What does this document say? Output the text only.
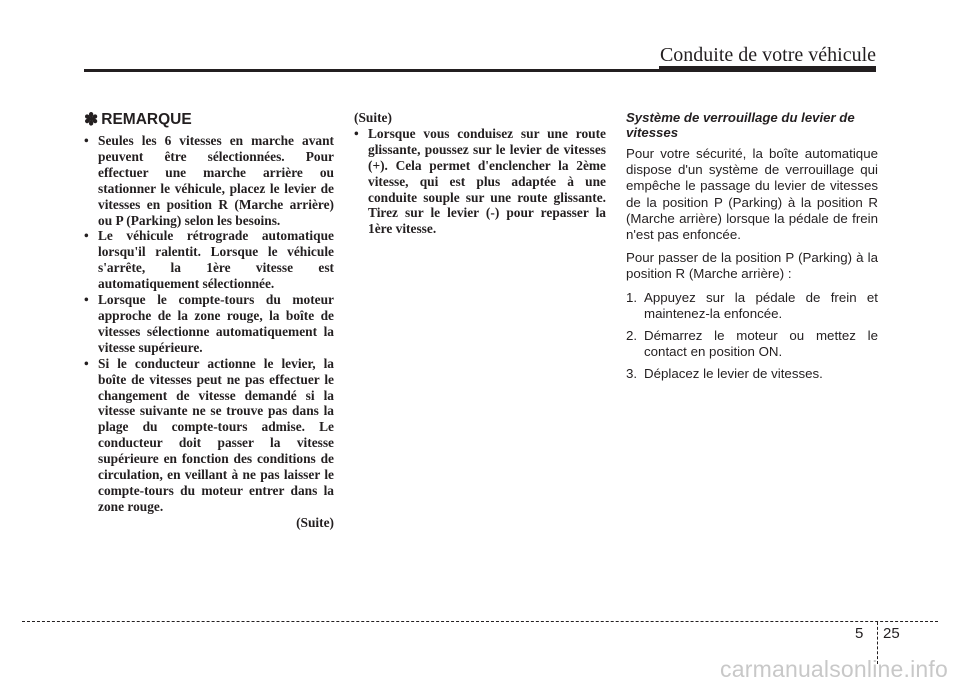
Conduite de votre véhicule
✽ REMARQUE
• Seules les 6 vitesses en marche avant peuvent être sélectionnées. Pour effectuer une marche arrière ou stationner le véhicule, placez le levier de vitesses en position R (Marche arrière) ou P (Parking) selon les besoins.
• Le véhicule rétrograde automatique lorsqu'il ralentit. Lorsque le véhicule s'arrête, la 1ère vitesse est automatiquement sélectionnée.
• Lorsque le compte-tours du moteur approche de la zone rouge, la boîte de vitesses sélectionne automatiquement la vitesse supérieure.
• Si le conducteur actionne le levier, la boîte de vitesses peut ne pas effectuer le changement de vitesse demandé si la vitesse suivante ne se trouve pas dans la plage du compte-tours admise. Le conducteur doit passer la vitesse supérieure en fonction des conditions de circulation, en veillant à ne pas laisser le compte-tours du moteur entrer dans la zone rouge.
(Suite)
(Suite)
• Lorsque vous conduisez sur une route glissante, poussez sur le levier de vitesses (+). Cela permet d'enclencher la 2ème vitesse, qui est plus adaptée à une conduite souple sur une route glissante. Tirez sur le levier (-) pour repasser la 1ère vitesse.
Système de verrouillage du levier de vitesses

Pour votre sécurité, la boîte automatique dispose d'un système de verrouillage qui empêche le passage du levier de vitesses de la position P (Parking) à la position R (Marche arrière) lorsque la pédale de frein n'est pas enfoncée.

Pour passer de la position P (Parking) à la position R (Marche arrière) :

1. Appuyez sur la pédale de frein et maintenez-la enfoncée.
2. Démarrez le moteur ou mettez le contact en position ON.
3. Déplacez le levier de vitesses.
5 25
carmanualsonline.info
